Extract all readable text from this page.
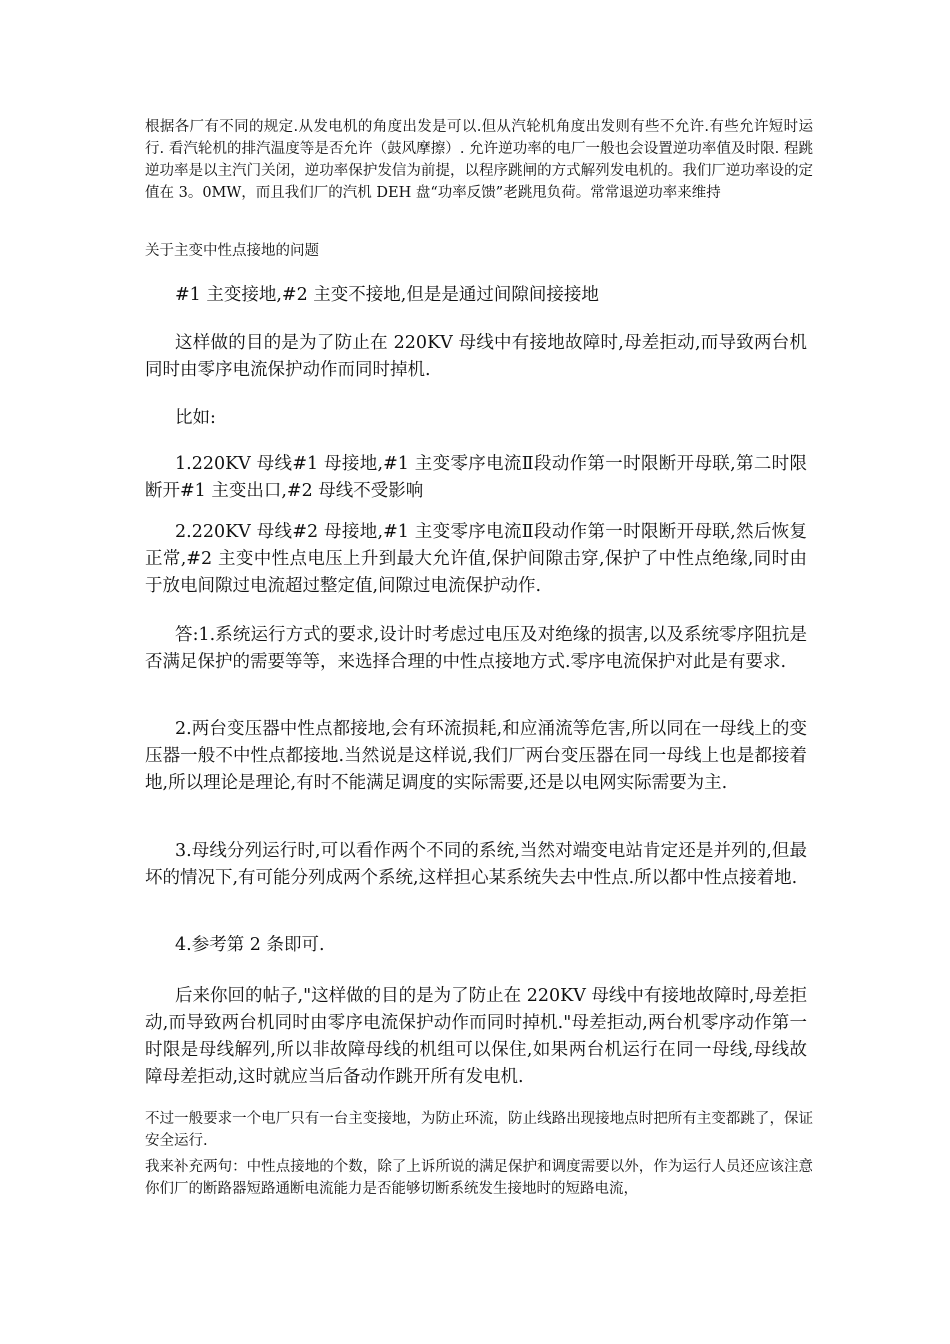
根据各厂有不同的规定.从发电机的角度出发是可以.但从汽轮机角度出发则有些不允许.有些允许短时运行. 看汽轮机的排汽温度等是否允许（鼓风摩擦）. 允许逆功率的电厂一般也会设置逆功率值及时限. 程跳逆功率是以主汽门关闭，逆功率保护发信为前提，以程序跳闸的方式解列发电机的。我们厂逆功率设的定值在 3。0MW，而且我们厂的汽机 DEH 盘“功率反馈”老跳甩负荷。常常退逆功率来维持

关于主变中性点接地的问题

#1 主变接地,#2 主变不接地,但是是通过间隙间接接地

这样做的目的是为了防止在 220KV 母线中有接地故障时,母差拒动,而导致两台机同时由零序电流保护动作而同时掉机.

比如:

1.220KV 母线#1 母接地,#1 主变零序电流Ⅱ段动作第一时限断开母联,第二时限断开#1 主变出口,#2 母线不受影响

2.220KV 母线#2 母接地,#1 主变零序电流Ⅱ段动作第一时限断开母联,然后恢复正常,#2 主变中性点电压上升到最大允许值,保护间隙击穿,保护了中性点绝缘,同时由于放电间隙过电流超过整定值,间隙过电流保护动作.

答:1.系统运行方式的要求,设计时考虑过电压及对绝缘的损害,以及系统零序阻抗是否满足保护的需要等等，来选择合理的中性点接地方式.零序电流保护对此是有要求.

2.两台变压器中性点都接地,会有环流损耗,和应涌流等危害,所以同在一母线上的变压器一般不中性点都接地.当然说是这样说,我们厂两台变压器在同一母线上也是都接着地,所以理论是理论,有时不能满足调度的实际需要,还是以电网实际需要为主.

3.母线分列运行时,可以看作两个不同的系统,当然对端变电站肯定还是并列的,但最坏的情况下,有可能分列成两个系统,这样担心某系统失去中性点.所以都中性点接着地.

4.参考第 2 条即可.

后来你回的帖子,"这样做的目的是为了防止在 220KV 母线中有接地故障时,母差拒动,而导致两台机同时由零序电流保护动作而同时掉机."母差拒动,两台机零序动作第一时限是母线解列,所以非故障母线的机组可以保住,如果两台机运行在同一母线,母线故障母差拒动,这时就应当后备动作跳开所有发电机.

不过一般要求一个电厂只有一台主变接地，为防止环流，防止线路出现接地点时把所有主变都跳了，保证安全运行.

我来补充两句：中性点接地的个数，除了上诉所说的满足保护和调度需要以外，作为运行人员还应该注意你们厂的断路器短路通断电流能力是否能够切断系统发生接地时的短路电流，
